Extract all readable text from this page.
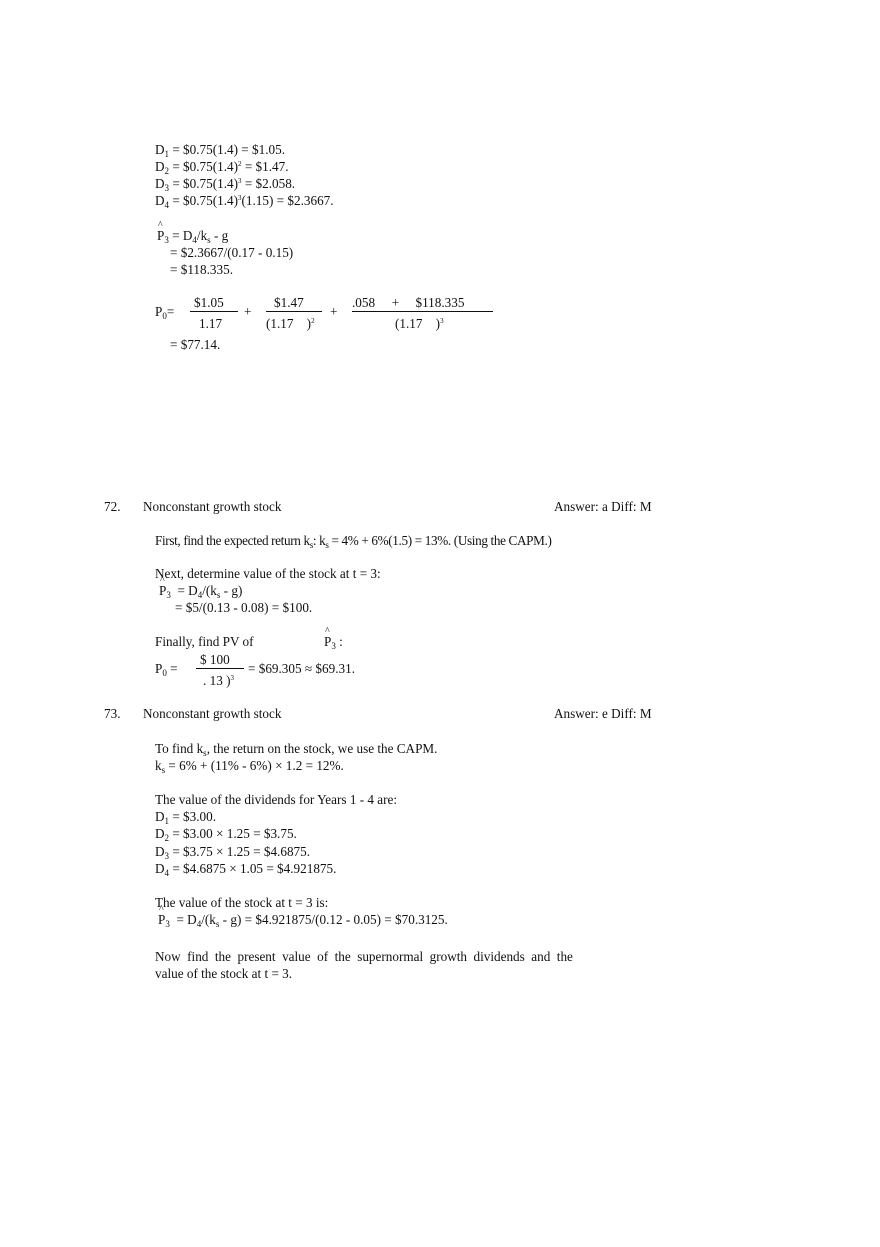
$D_1$ = $0.75(1.4) = $1.05.
$D_2$ = $\$0.75(1.4)^2$ = $1.47.
$D_3$ = $\$0.75(1.4)^3$ = $2.058.
$D_4$ = $\$0.75(1.4)^3(1.15)$ = $2.3667.
^ $P_3 = D_4/k_s - g$
= $2.3667/(0.17 - 0.15)
= $118.335.
$P_0=$
$1.05
1.17
+
$1.47
(1.17 )$^2$
+
.058 + $118.335
(1.17 )$^3$
= $77.14.
72. Nonconstant growth stock	Answer: a Diff: M
First, find the expected return $k_s$: $k_s = 4\% + 6\%(1.5) = 13\%$. (Using the CAPM.)
Next, determine value of the stock at t = 3:
^ $P_3 = D_4/(k_s - g)$
= $5/(0.13 - 0.08) = $100.
Finally, find PV of
^	$P_3$ :
$P_0$ =
$ 100
. 13 )$^3$
= $69.305 ≈ $69.31.
73. Nonconstant growth stock	Answer: e Diff: M
To find $k_s$, the return on the stock, we use the CAPM.
$k_s = 6\% + (11\% - 6\%) \times 1.2 = 12\%$.
The value of the dividends for Years 1 - 4 are:
$D_1$ = $3.00.
$D_2$ = $3.00 × 1.25 = $3.75.
$D_3$ = $3.75 × 1.25 = $4.6875.
$D_4$ = $4.6875 × 1.05 = $4.921875.
The value of the stock at t = 3 is:
^ $P_3 = D_4/(k_s - g)$ = $4.921875/(0.12 - 0.05) = $70.3125.
Now find the present value of the supernormal growth dividends and the
value of the stock at t = 3.
